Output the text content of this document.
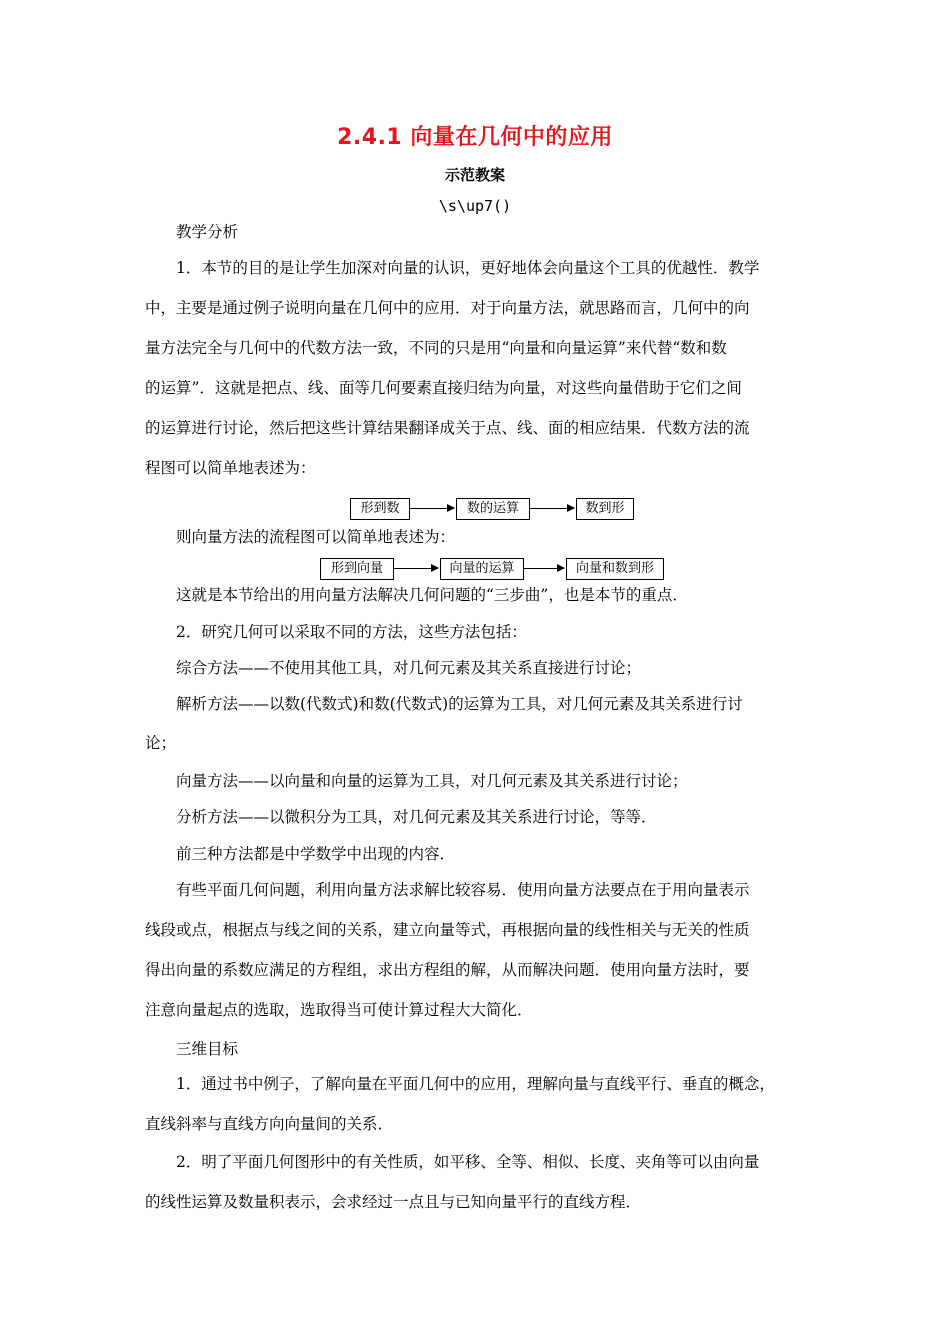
2.4.1 向量在几何中的应用
示范教案
\s\up7()
教学分析
1．本节的目的是让学生加深对向量的认识，更好地体会向量这个工具的优越性．教学
中，主要是通过例子说明向量在几何中的应用．对于向量方法，就思路而言，几何中的向
量方法完全与几何中的代数方法一致，不同的只是用“向量和向量运算”来代替“数和数
的运算”．这就是把点、线、面等几何要素直接归结为向量，对这些向量借助于它们之间
的运算进行讨论，然后把这些计算结果翻译成关于点、线、面的相应结果．代数方法的流
程图可以简单地表述为：
形到数	数的运算	数到形
则向量方法的流程图可以简单地表述为：
形到向量	向量的运算	向量和数到形
这就是本节给出的用向量方法解决几何问题的“三步曲”，也是本节的重点．
2．研究几何可以采取不同的方法，这些方法包括：
综合方法——不使用其他工具，对几何元素及其关系直接进行讨论；
解析方法——以数(代数式)和数(代数式)的运算为工具，对几何元素及其关系进行讨
论；
向量方法——以向量和向量的运算为工具，对几何元素及其关系进行讨论；
分析方法——以微积分为工具，对几何元素及其关系进行讨论，等等．
前三种方法都是中学数学中出现的内容．
有些平面几何问题，利用向量方法求解比较容易．使用向量方法要点在于用向量表示
线段或点，根据点与线之间的关系，建立向量等式，再根据向量的线性相关与无关的性质
得出向量的系数应满足的方程组，求出方程组的解，从而解决问题．使用向量方法时，要
注意向量起点的选取，选取得当可使计算过程大大简化．
三维目标
1．通过书中例子，了解向量在平面几何中的应用，理解向量与直线平行、垂直的概念，
直线斜率与直线方向向量间的关系．
2．明了平面几何图形中的有关性质，如平移、全等、相似、长度、夹角等可以由向量
的线性运算及数量积表示，会求经过一点且与已知向量平行的直线方程．
